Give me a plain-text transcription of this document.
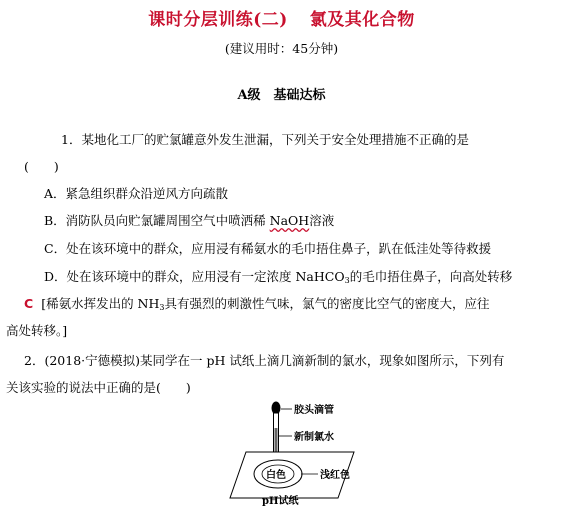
课时分层训练(二) 氯及其化合物
(建议用时：45分钟)
A级　基础达标
1．某地化工厂的贮氯罐意外发生泄漏，下列关于安全处理措施不正确的是
(　　)
A．紧急组织群众沿逆风方向疏散
B．消防队员向贮氯罐周围空气中喷洒稀 NaOH溶液
C．处在该环境中的群众，应用浸有稀氨水的毛巾捂住鼻子，趴在低洼处等待救援
D．处在该环境中的群众，应用浸有一定浓度 NaHCO$_3$的毛巾捂住鼻子，向高处转移
C [稀氨水挥发出的 $NH_3$具有强烈的刺激性气味，氯气的密度比空气的密度大，应往
高处转移。]
2．(2018·宁德模拟)某同学在一 pH 试纸上滴几滴新制的氯水，现象如图所示，下列有
关该实验的说法中正确的是(　　)
胶头滴管
新制氯水
白色	浅红色
pH试纸
